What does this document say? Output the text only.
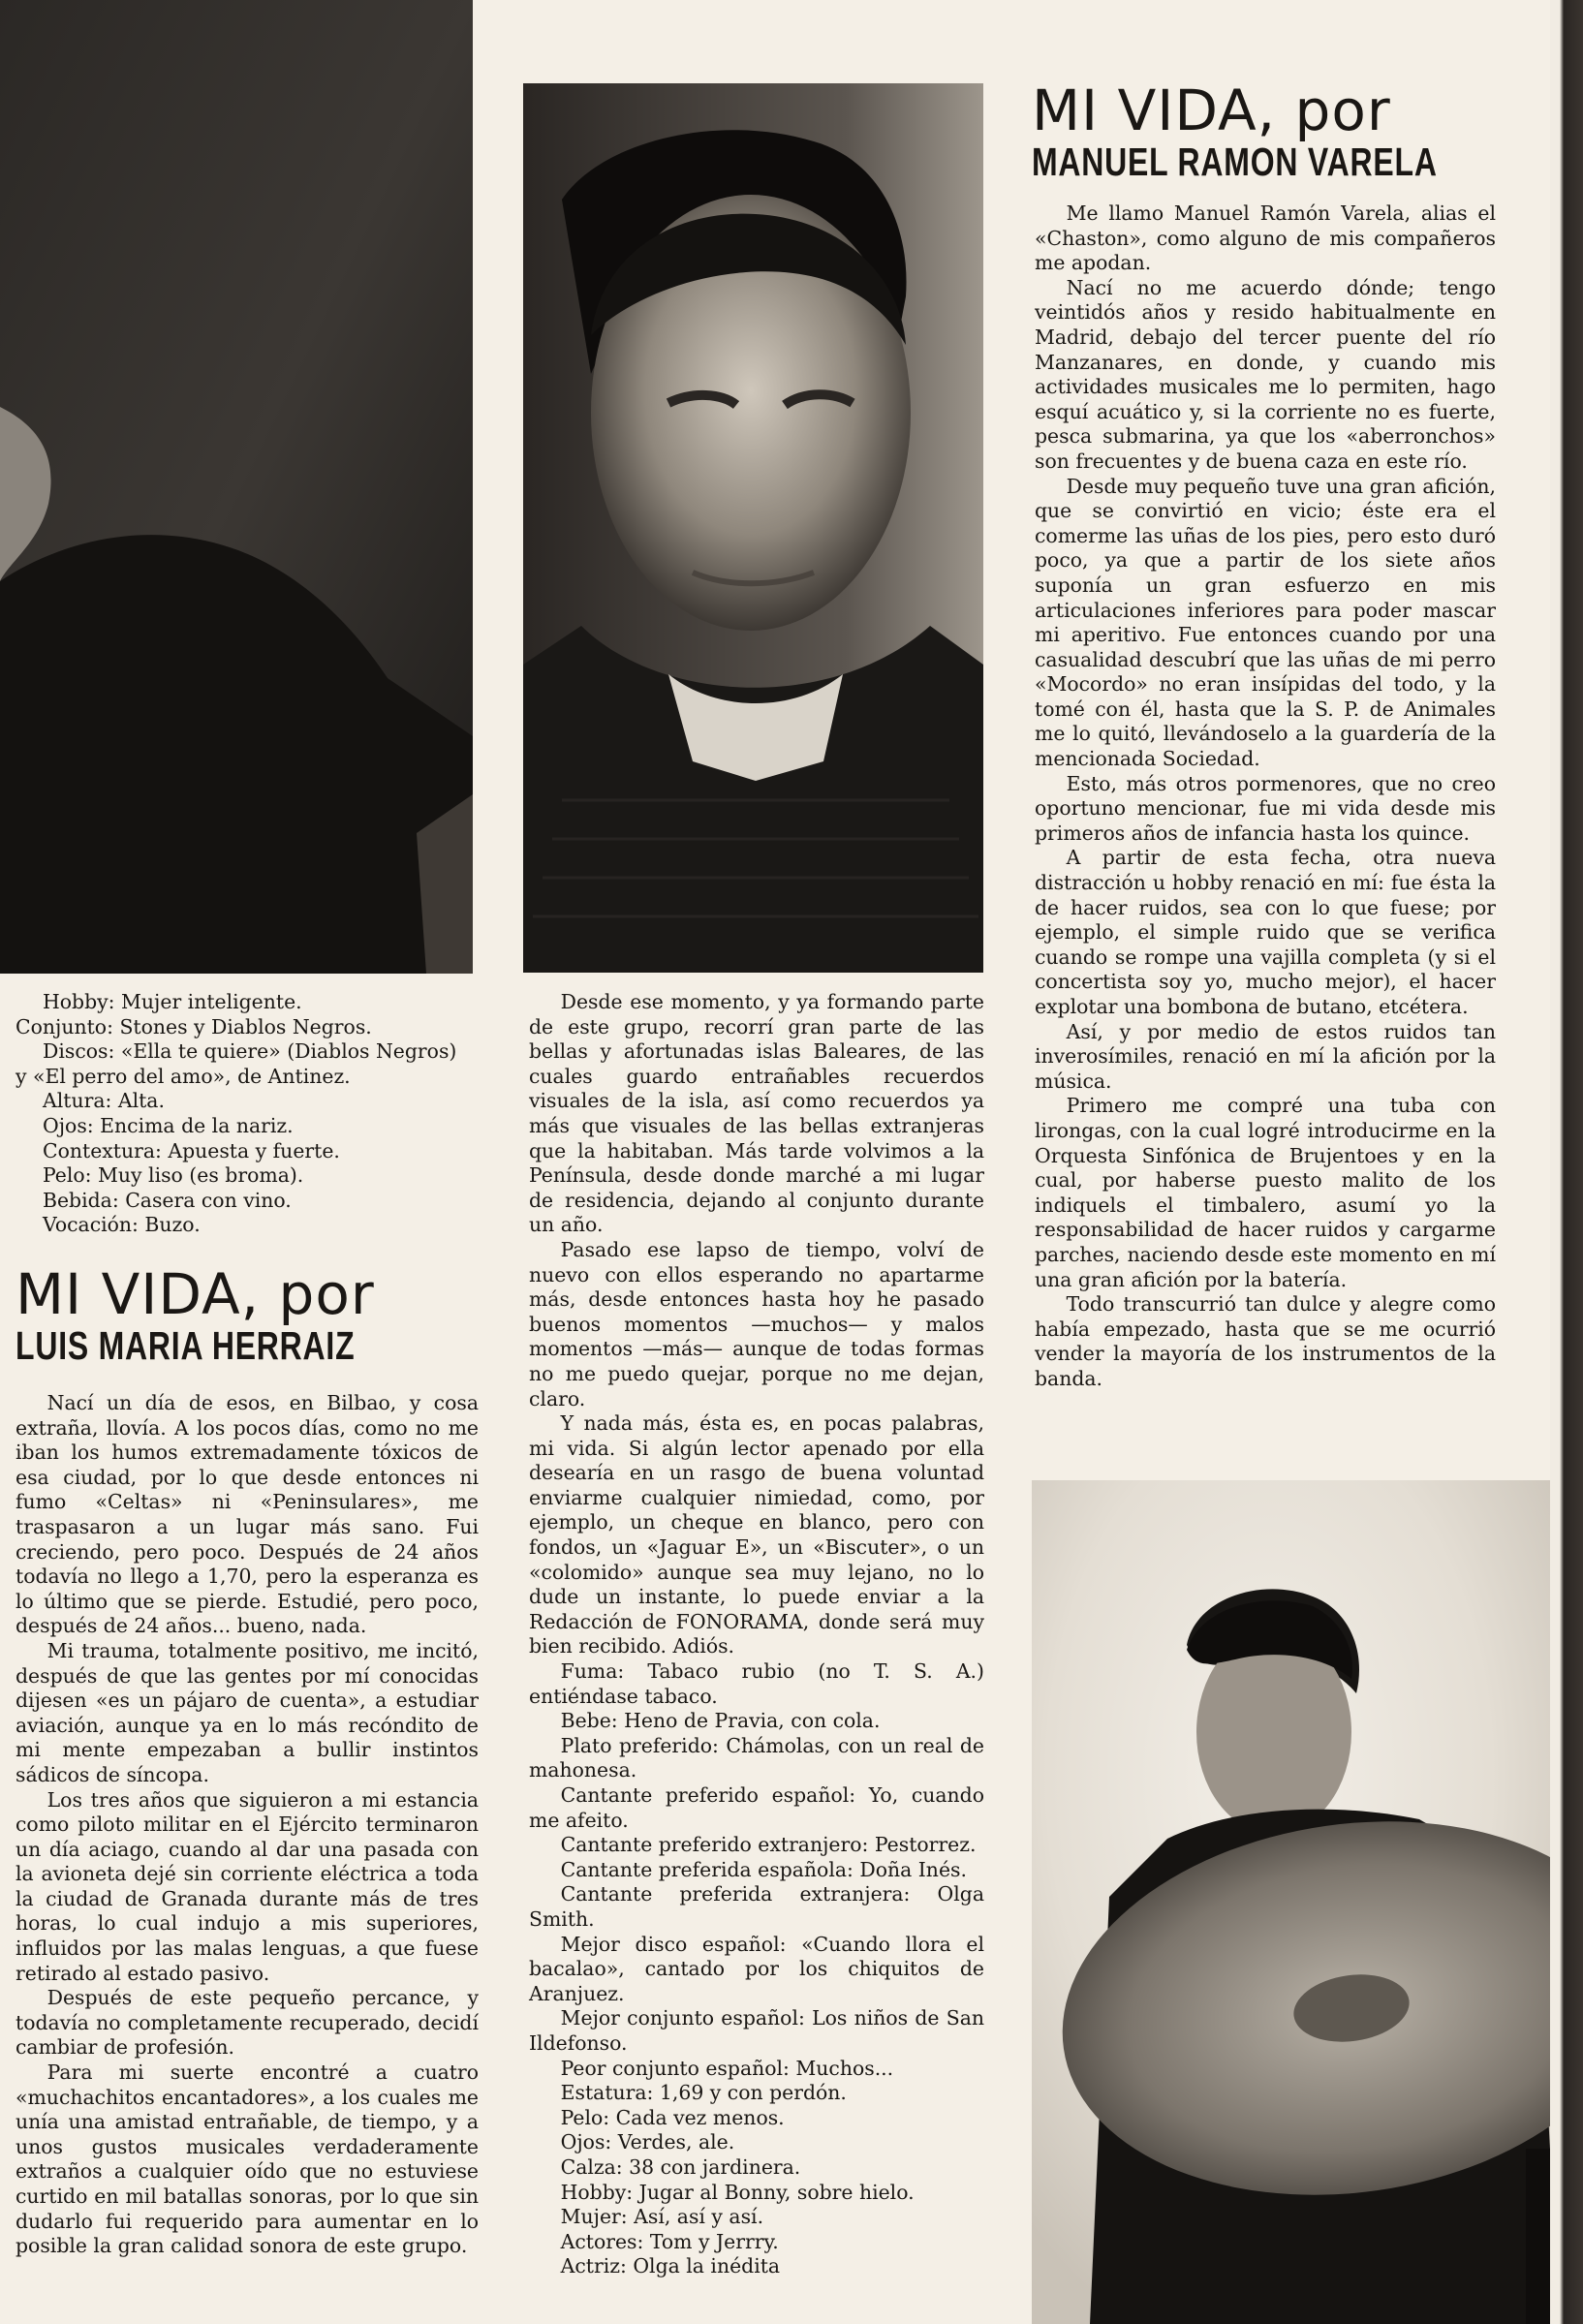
Hobby: Mujer inteligente.
Conjunto: Stones y Diablos Negros.
Discos: «Ella te quiere» (Diablos Negros)
y «El perro del amo», de Antinez.
Altura: Alta.
Ojos: Encima de la nariz.
Contextura: Apuesta y fuerte.
Pelo: Muy liso (es broma).
Bebida: Casera con vino.
Vocación: Buzo.
MI VIDA, por
LUIS MARIA HERRAIZ

Nací un día de esos, en Bilbao, y cosa extraña, llovía. A los pocos días, como no me iban los humos extremadamente tóxicos de esa ciudad, por lo que desde entonces ni fumo «Celtas» ni «Peninsulares», me traspasaron a un lugar más sano. Fui creciendo, pero poco. Después de 24 años todavía no llego a 1,70, pero la esperanza es lo último que se pierde. Estudié, pero poco, después de 24 años... bueno, nada.

Mi trauma, totalmente positivo, me incitó, después de que las gentes por mí conocidas dijesen «es un pájaro de cuenta», a estudiar aviación, aunque ya en lo más recóndito de mi mente empezaban a bullir instintos sádicos de síncopa.

Los tres años que siguieron a mi estancia como piloto militar en el Ejército terminaron un día aciago, cuando al dar una pasada con la avioneta dejé sin corriente eléctrica a toda la ciudad de Granada durante más de tres horas, lo cual indujo a mis superiores, influidos por las malas lenguas, a que fuese retirado al estado pasivo.

Después de este pequeño percance, y todavía no completamente recuperado, decidí cambiar de profesión.

Para mi suerte encontré a cuatro «muchachitos encantadores», a los cuales me unía una amistad entrañable, de tiempo, y a unos gustos musicales verdaderamente extraños a cualquier oído que no estuviese curtido en mil batallas sonoras, por lo que sin dudarlo fui requerido para aumentar en lo posible la gran calidad sonora de este grupo.

Desde ese momento, y ya formando parte de este grupo, recorrí gran parte de las bellas y afortunadas islas Baleares, de las cuales guardo entrañables recuerdos visuales de la isla, así como recuerdos ya más que visuales de las bellas extranjeras que la habitaban. Más tarde volvimos a la Península, desde donde marché a mi lugar de residencia, dejando al conjunto durante un año.

Pasado ese lapso de tiempo, volví de nuevo con ellos esperando no apartarme más, desde entonces hasta hoy he pasado buenos momentos —muchos— y malos momentos —más— aunque de todas formas no me puedo quejar, porque no me dejan, claro.

Y nada más, ésta es, en pocas palabras, mi vida. Si algún lector apenado por ella desearía en un rasgo de buena voluntad enviarme cualquier nimiedad, como, por ejemplo, un cheque en blanco, pero con fondos, un «Jaguar E», un «Biscuter», o un «colomido» aunque sea muy lejano, no lo dude un instante, lo puede enviar a la Redacción de FONORAMA, donde será muy bien recibido. Adiós.

Fuma: Tabaco rubio (no T. S. A.) entiéndase tabaco.

Bebe: Heno de Pravia, con cola.

Plato preferido: Chámolas, con un real de mahonesa.

Cantante preferido español: Yo, cuando me afeito.

Cantante preferido extranjero: Pestorrez.

Cantante preferida española: Doña Inés.

Cantante preferida extranjera: Olga Smith.

Mejor disco español: «Cuando llora el bacalao», cantado por los chiquitos de Aranjuez.

Mejor conjunto español: Los niños de San Ildefonso.

Peor conjunto español: Muchos...

Estatura: 1,69 y con perdón.

Pelo: Cada vez menos.

Ojos: Verdes, ale.

Calza: 38 con jardinera.

Hobby: Jugar al Bonny, sobre hielo.

Mujer: Así, así y así.

Actores: Tom y Jerrry.

Actriz: Olga la inédita

MI VIDA, por
MANUEL RAMON VARELA

Me llamo Manuel Ramón Varela, alias el «Chaston», como alguno de mis compañeros me apodan.

Nací no me acuerdo dónde; tengo veintidós años y resido habitualmente en Madrid, debajo del tercer puente del río Manzanares, en donde, y cuando mis actividades musicales me lo permiten, hago esquí acuático y, si la corriente no es fuerte, pesca submarina, ya que los «aberronchos» son frecuentes y de buena caza en este río.

Desde muy pequeño tuve una gran afición, que se convirtió en vicio; éste era el comerme las uñas de los pies, pero esto duró poco, ya que a partir de los siete años suponía un gran esfuerzo en mis articulaciones inferiores para poder mascar mi aperitivo. Fue entonces cuando por una casualidad descubrí que las uñas de mi perro «Mocordo» no eran insípidas del todo, y la tomé con él, hasta que la S. P. de Animales me lo quitó, llevándoselo a la guardería de la mencionada Sociedad.

Esto, más otros pormenores, que no creo oportuno mencionar, fue mi vida desde mis primeros años de infancia hasta los quince.

A partir de esta fecha, otra nueva distracción u hobby renació en mí: fue ésta la de hacer ruidos, sea con lo que fuese; por ejemplo, el simple ruido que se verifica cuando se rompe una vajilla completa (y si el concertista soy yo, mucho mejor), el hacer explotar una bombona de butano, etcétera.

Así, y por medio de estos ruidos tan inverosímiles, renació en mí la afición por la música.

Primero me compré una tuba con lirongas, con la cual logré introducirme en la Orquesta Sinfónica de Brujentoes y en la cual, por haberse puesto malito de los indiquels el timbalero, asumí yo la responsabilidad de hacer ruidos y cargarme parches, naciendo desde este momento en mí una gran afición por la batería.

Todo transcurrió tan dulce y alegre como había empezado, hasta que se me ocurrió vender la mayoría de los instrumentos de la banda.
